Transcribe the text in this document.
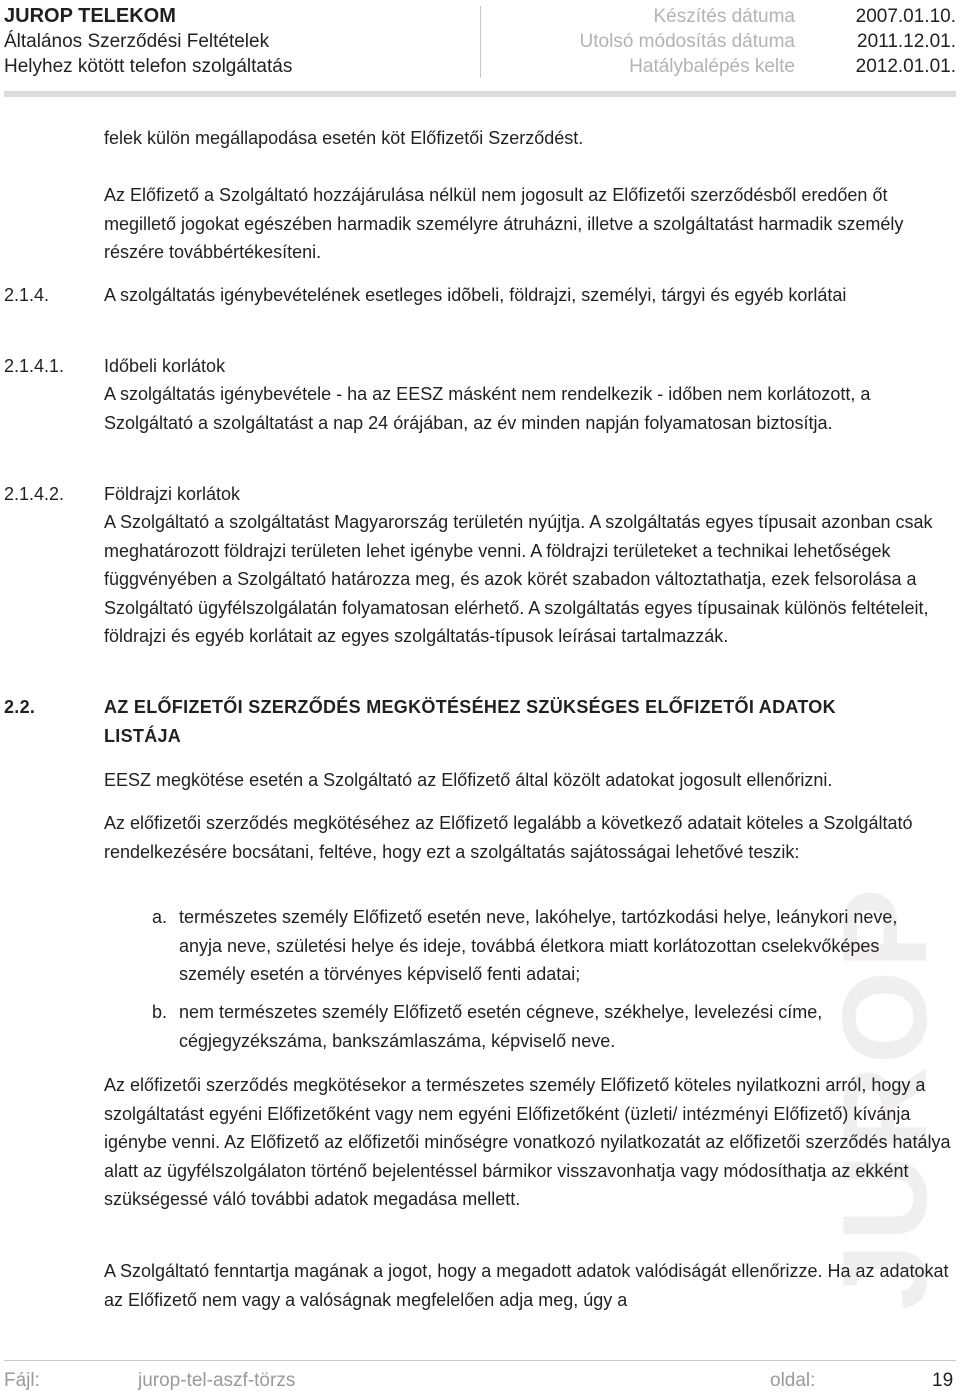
JUROP TELEKOM
Általános Szerződési Feltételek
Helyhez kötött telefon szolgáltatás
Készítés dátuma
Utolsó módosítás dátuma
Hatálybalépés kelte
2007.01.10.
2011.12.01.
2012.01.01.
JUROP
felek külön megállapodása esetén köt Előfizetői Szerződést.
Az Előfizető a Szolgáltató hozzájárulása nélkül nem jogosult az Előfizetői szerződésből eredően őt megillető jogokat egészében harmadik személyre átruházni, illetve a szolgáltatást harmadik személy részére továbbértékesíteni.
2.1.4.	A szolgáltatás igénybevételének esetleges idõbeli, földrajzi, személyi, tárgyi és egyéb korlátai
2.1.4.1. Időbeli korlátok
A szolgáltatás igénybevétele - ha az EESZ másként nem rendelkezik - időben nem korlátozott, a Szolgáltató a szolgáltatást a nap 24 órájában, az év minden napján folyamatosan biztosítja.
2.1.4.2. Földrajzi korlátok
A Szolgáltató a szolgáltatást Magyarország területén nyújtja. A szolgáltatás egyes típusait azonban csak meghatározott földrajzi területen lehet igénybe venni. A földrajzi területeket a technikai lehetőségek függvényében a Szolgáltató határozza meg, és azok körét szabadon változtathatja, ezek felsorolása a Szolgáltató ügyfélszolgálatán folyamatosan elérhető. A szolgáltatás egyes típusainak különös feltételeit, földrajzi és egyéb korlátait az egyes szolgáltatás-típusok leírásai tartalmazzák.
2.2.	AZ ELŐFIZETŐI SZERZŐDÉS MEGKÖTÉSÉHEZ SZÜKSÉGES ELŐFIZETŐI ADATOK LISTÁJA
EESZ megkötése esetén a Szolgáltató az Előfizető által közölt adatokat jogosult ellenőrizni.
Az előfizetői szerződés megkötéséhez az Előfizető legalább a következő adatait köteles a Szolgáltató rendelkezésére bocsátani, feltéve, hogy ezt a szolgáltatás sajátosságai lehetővé teszik:
a. természetes személy Előfizető esetén neve, lakóhelye, tartózkodási helye, leánykori neve, anyja neve, születési helye és ideje, továbbá életkora miatt korlátozottan cselekvőképes személy esetén a törvényes képviselő fenti adatai;
b. nem természetes személy Előfizető esetén cégneve, székhelye, levelezési címe, cégjegyzékszáma, bankszámlaszáma, képviselő neve.
Az előfizetői szerződés megkötésekor a természetes személy Előfizető köteles nyilatkozni arról, hogy a szolgáltatást egyéni Előfizetőként vagy nem egyéni Előfizetőként (üzleti/ intézményi Előfizető) kívánja igénybe venni. Az Előfizető az előfizetői minőségre vonatkozó nyilatkozatát az előfizetői szerződés hatálya alatt az ügyfélszolgálaton történő bejelentéssel bármikor visszavonhatja vagy módosíthatja az ekként szükségessé váló további adatok megadása mellett.
A Szolgáltató fenntartja magának a jogot, hogy a megadott adatok valódiságát ellenőrizze. Ha az adatokat az Előfizető nem vagy a valóságnak megfelelően adja meg, úgy a
Fájl:	jurop-tel-aszf-törzs	oldal:	19
